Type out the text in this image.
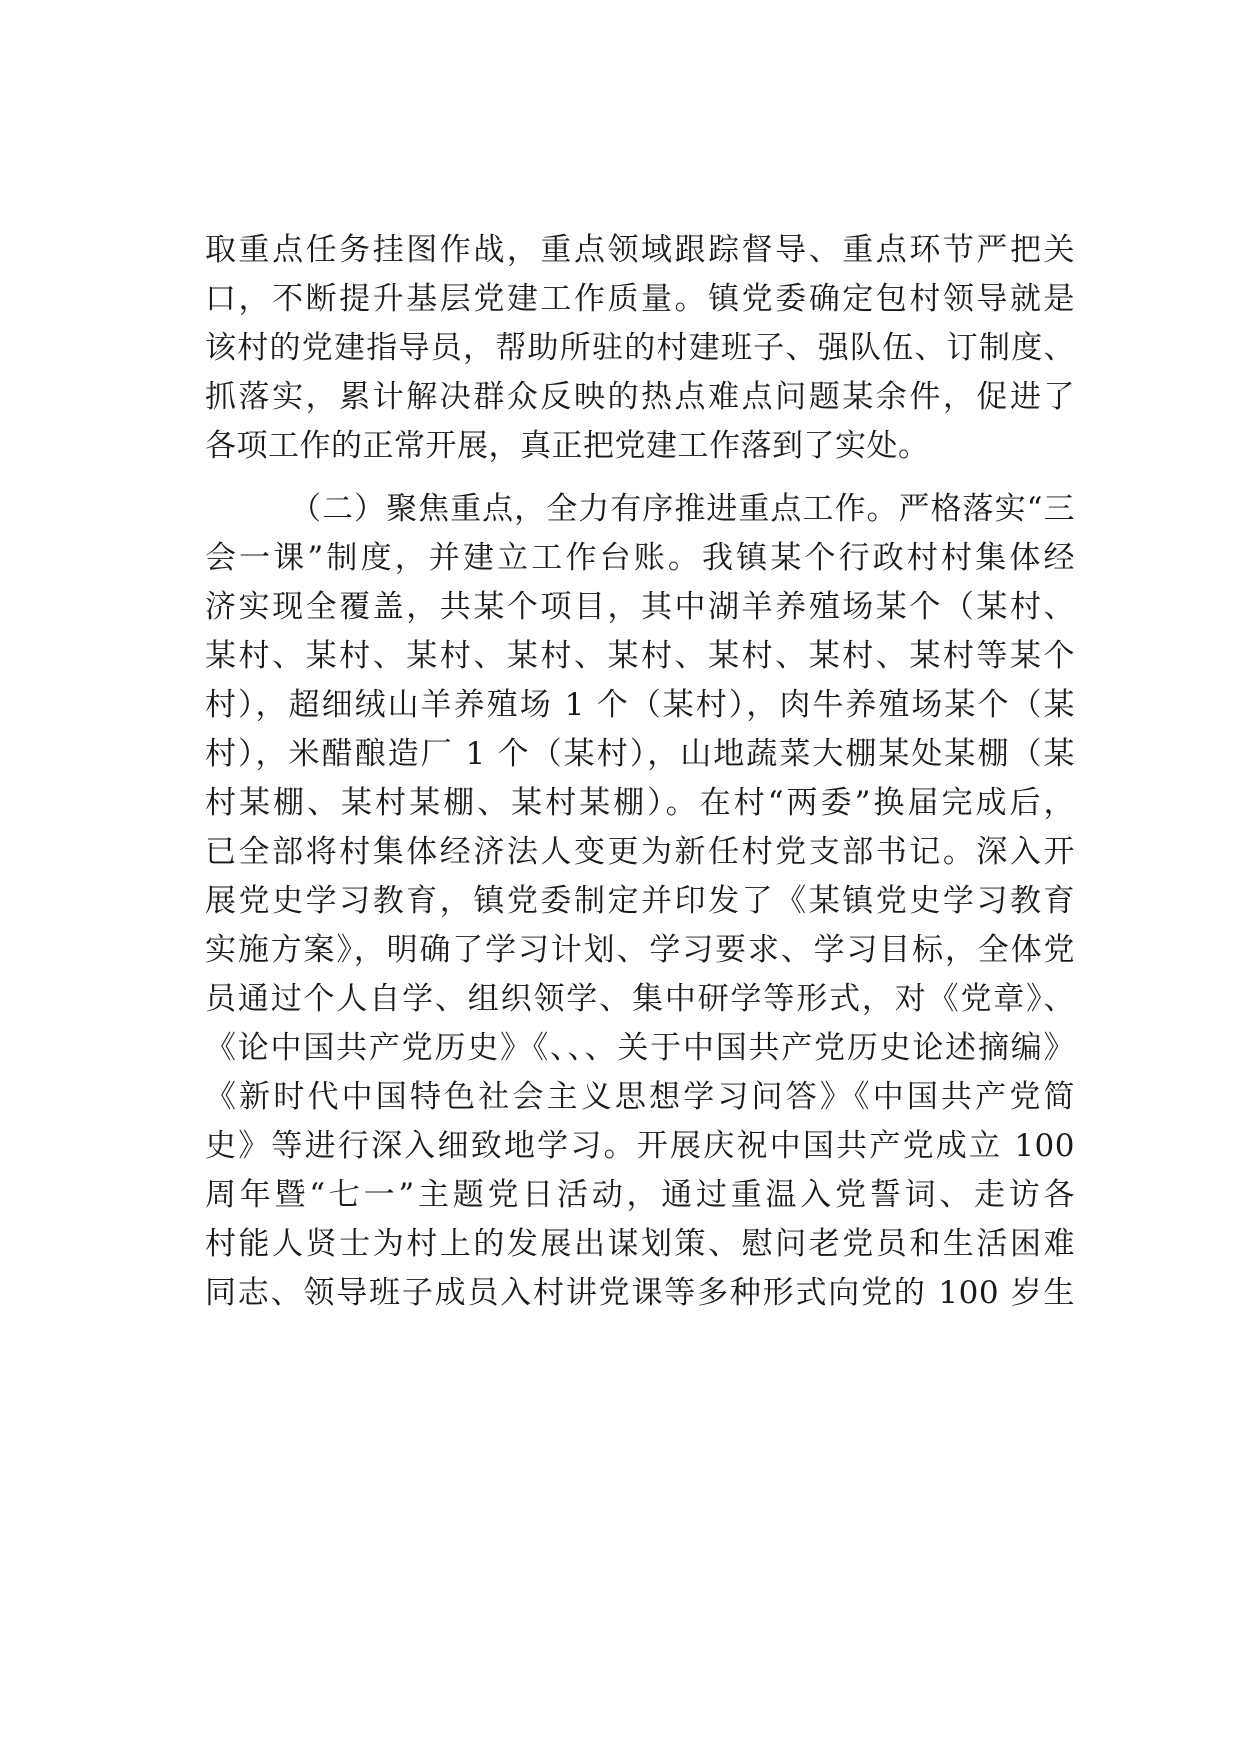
取重点任务挂图作战，重点领域跟踪督导、重点环节严把关
口，不断提升基层党建工作质量。镇党委确定包村领导就是
该村的党建指导员，帮助所驻的村建班子、强队伍、订制度、
抓落实，累计解决群众反映的热点难点问题某余件，促进了
各项工作的正常开展，真正把党建工作落到了实处。
（二）聚焦重点，全力有序推进重点工作。严格落实“三
会一课”制度，并建立工作台账。我镇某个行政村村集体经
济实现全覆盖，共某个项目，其中湖羊养殖场某个（某村、
某村、某村、某村、某村、某村、某村、某村、某村等某个
村），超细绒山羊养殖场 1 个（某村），肉牛养殖场某个（某
村），米醋酿造厂 1 个（某村），山地蔬菜大棚某处某棚（某
村某棚、某村某棚、某村某棚）。在村“两委”换届完成后，
已全部将村集体经济法人变更为新任村党支部书记。深入开
展党史学习教育，镇党委制定并印发了《某镇党史学习教育
实施方案》，明确了学习计划、学习要求、学习目标，全体党
员通过个人自学、组织领学、集中研学等形式，对《党章》、
《论中国共产党历史》《、、、关于中国共产党历史论述摘编》
《新时代中国特色社会主义思想学习问答》《中国共产党简
史》等进行深入细致地学习。开展庆祝中国共产党成立 100
周年暨“七一”主题党日活动，通过重温入党誓词、走访各
村能人贤士为村上的发展出谋划策、慰问老党员和生活困难
同志、领导班子成员入村讲党课等多种形式向党的 100 岁生
